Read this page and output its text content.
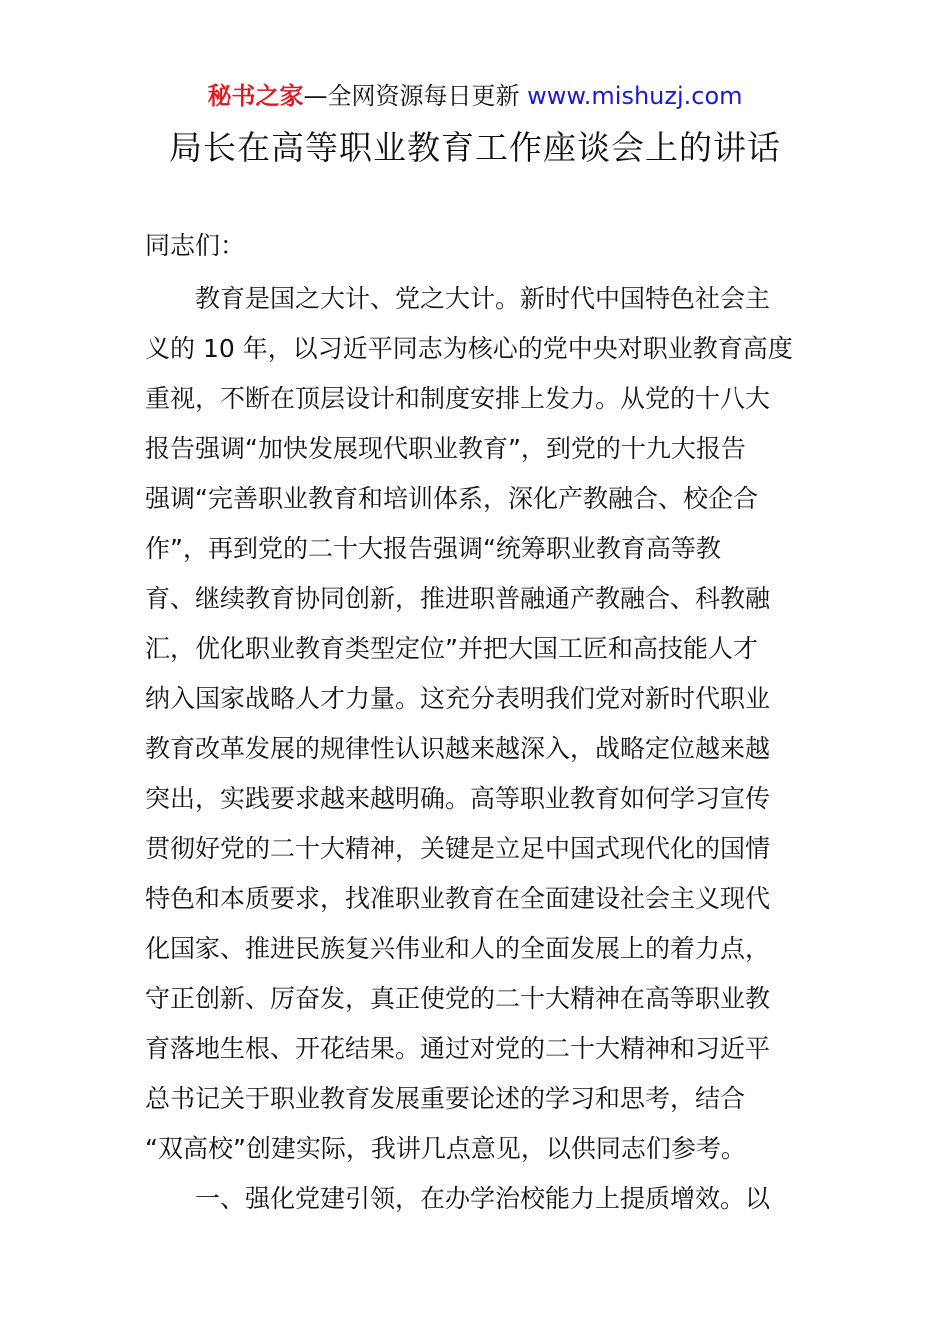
秘书之家—全网资源每日更新 www.mishuzj.com
局长在高等职业教育工作座谈会上的讲话
同志们：
教育是国之大计、党之大计。新时代中国特色社会主
义的 10 年，以习近平同志为核心的党中央对职业教育高度
重视，不断在顶层设计和制度安排上发力。从党的十八大
报告强调“加快发展现代职业教育”，到党的十九大报告
强调“完善职业教育和培训体系，深化产教融合、校企合
作”，再到党的二十大报告强调“统筹职业教育高等教
育、继续教育协同创新，推进职普融通产教融合、科教融
汇，优化职业教育类型定位”并把大国工匠和高技能人才
纳入国家战略人才力量。这充分表明我们党对新时代职业
教育改革发展的规律性认识越来越深入，战略定位越来越
突出，实践要求越来越明确。高等职业教育如何学习宣传
贯彻好党的二十大精神，关键是立足中国式现代化的国情
特色和本质要求，找准职业教育在全面建设社会主义现代
化国家、推进民族复兴伟业和人的全面发展上的着力点，
守正创新、厉奋发，真正使党的二十大精神在高等职业教
育落地生根、开花结果。通过对党的二十大精神和习近平
总书记关于职业教育发展重要论述的学习和思考，结合
“双高校”创建实际，我讲几点意见，以供同志们参考。
一、强化党建引领，在办学治校能力上提质增效。以
